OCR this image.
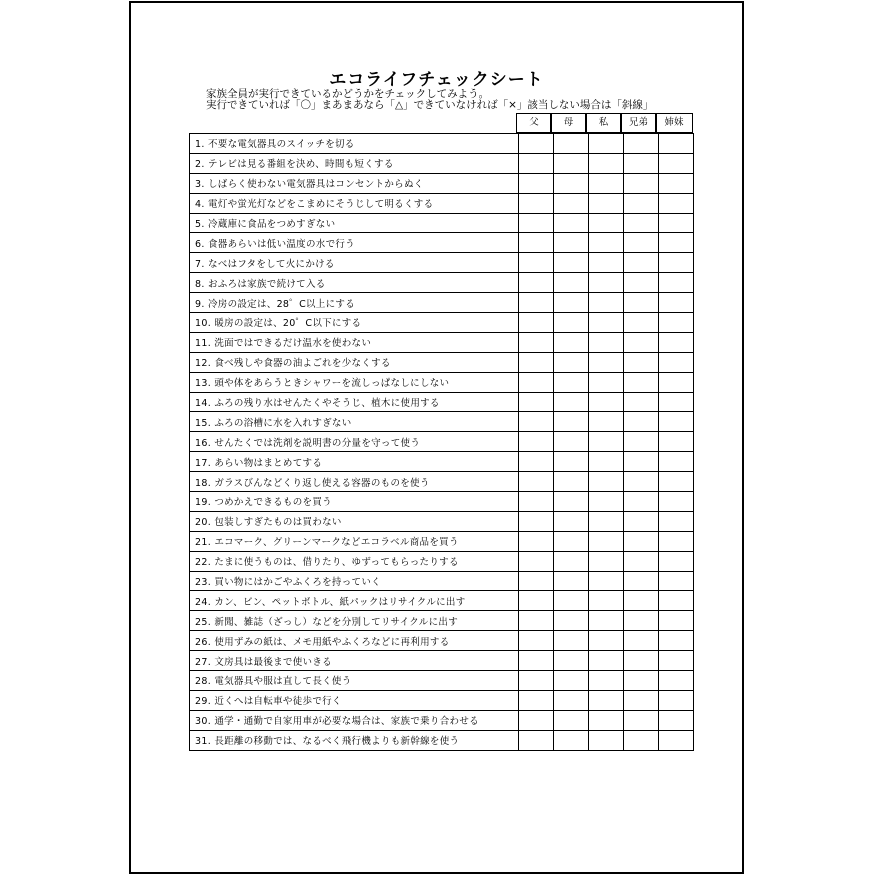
エコライフチェックシート
家族全員が実行できているかどうかをチェックしてみよう。
実行できていれば「〇」まあまあなら「△」できていなければ「×」該当しない場合は「斜線」
父	母	私	兄弟	姉妹
1. 不要な電気器具のスイッチを切る					
2. テレビは見る番組を決め、時間も短くする					
3. しばらく使わない電気器具はコンセントからぬく					
4. 電灯や蛍光灯などをこまめにそうじして明るくする					
5. 冷蔵庫に食品をつめすぎない					
6. 食器あらいは低い温度の水で行う					
7. なべはフタをして火にかける					
8. おふろは家族で続けて入る					
9. 冷房の設定は、28゜C以上にする					
10. 暖房の設定は、20゜C以下にする					
11. 洗面ではできるだけ温水を使わない					
12. 食べ残しや食器の油よごれを少なくする					
13. 頭や体をあらうときシャワーを流しっぱなしにしない					
14. ふろの残り水はせんたくやそうじ、植木に使用する					
15. ふろの浴槽に水を入れすぎない					
16. せんたくでは洗剤を説明書の分量を守って使う					
17. あらい物はまとめてする					
18. ガラスびんなどくり返し使える容器のものを使う					
19. つめかえできるものを買う					
20. 包装しすぎたものは買わない					
21. エコマーク、グリーンマークなどエコラベル商品を買う					
22. たまに使うものは、借りたり、ゆずってもらったりする					
23. 買い物にはかごやふくろを持っていく					
24. カン、ビン、ペットボトル、紙パックはリサイクルに出す					
25. 新聞、雑誌（ざっし）などを分別してリサイクルに出す					
26. 使用ずみの紙は、メモ用紙やふくろなどに再利用する					
27. 文房具は最後まで使いきる					
28. 電気器具や服は直して長く使う					
29. 近くへは自転車や徒歩で行く					
30. 通学・通勤で自家用車が必要な場合は、家族で乗り合わせる					
31. 長距離の移動では、なるべく飛行機よりも新幹線を使う					
